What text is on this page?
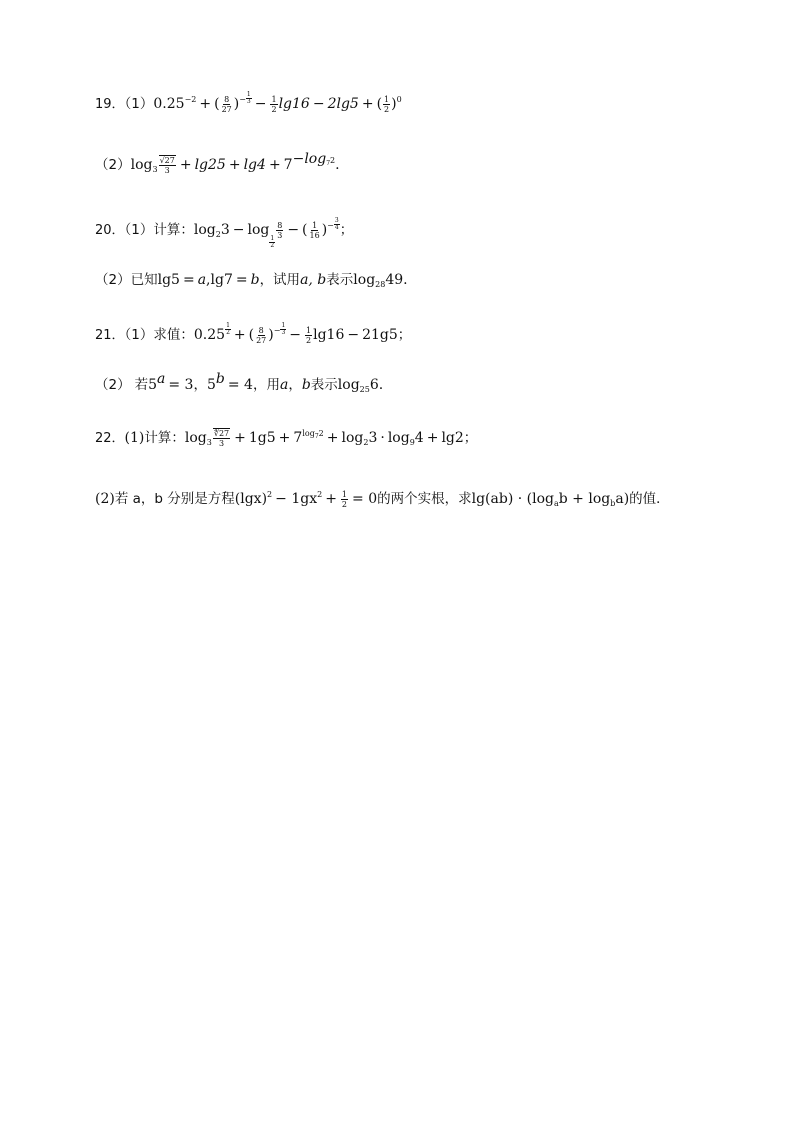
19．$(1)0.25^{-2}$ + ( $\frac{8}{27} )^{- \frac{1}{3}} - \frac{1}{2} \lg 16 - 2\lg 5$ + ( $\frac{1}{2} )^0$
$(2)\log_3 \frac{√27}{3} + \lg 25 + \lg 4 + 7^{-log_72}$.
20．（1）计算：$\log_23 - \log$
$\frac{1}{2}$
$\frac{8}{3}$ − ( $\frac{1}{16} )^{- \frac{3}{4}}$ ；
（2）已知lg5 = a,lg7 = b，试用a, b表示$\log_{28}49$.
21．（1）求值：0.25 $^{\frac{1}{2}}$ + ( $\frac{8}{27} )^{- \frac{1}{3}} - \frac{1}{2} \lg 16 - 21g5$；
（2） 若$5^a = 3$，$5^b = 4$，用a，b表示$\log_{25}6$.
22．(1)计算：$\log_3 \frac{∜27}{3} + 1g5 + 7^{log_72} + \log_23 \cdot \log_94 + \lg 2$；
(2)若 a，b 分别是方程$(\lg x)^2 - 1gx^2 + \frac{1}{2} = 0$的两个实根，求$\lg(ab) \cdot (\log_ab + \log_ba)$的值．
